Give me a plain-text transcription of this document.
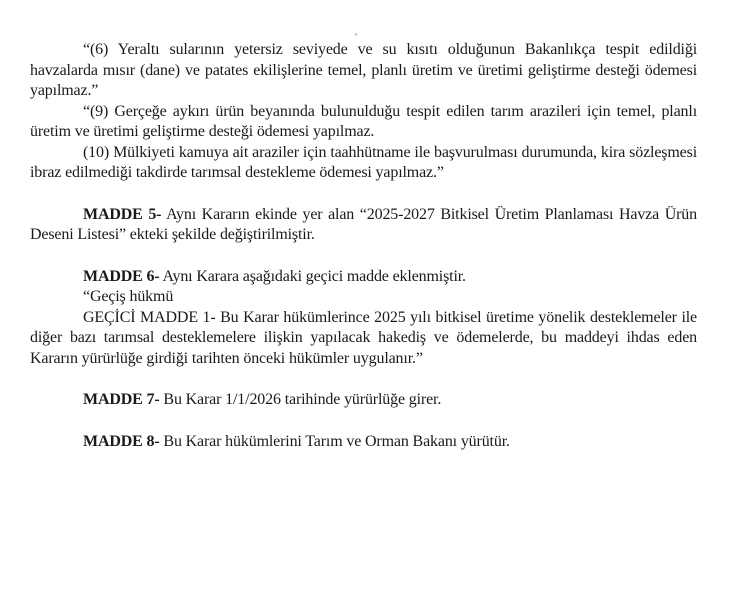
“(6) Yeraltı sularının yetersiz seviyede ve su kısıtı olduğunun Bakanlıkça tespit edildiği havzalarda mısır (dane) ve patates ekilişlerine temel, planlı üretim ve üretimi geliştirme desteği ödemesi yapılmaz.”

“(9) Gerçeğe aykırı ürün beyanında bulunulduğu tespit edilen tarım arazileri için temel, planlı üretim ve üretimi geliştirme desteği ödemesi yapılmaz.

(10) Mülkiyeti kamuya ait araziler için taahhütname ile başvurulması durumunda, kira sözleşmesi ibraz edilmediği takdirde tarımsal destekleme ödemesi yapılmaz.”

MADDE 5- Aynı Kararın ekinde yer alan “2025-2027 Bitkisel Üretim Planlaması Havza Ürün Deseni Listesi” ekteki şekilde değiştirilmiştir.

MADDE 6- Aynı Karara aşağıdaki geçici madde eklenmiştir.

“Geçiş hükmü

GEÇİCİ MADDE 1- Bu Karar hükümlerince 2025 yılı bitkisel üretime yönelik desteklemeler ile diğer bazı tarımsal desteklemelere ilişkin yapılacak hakediş ve ödemelerde, bu maddeyi ihdas eden Kararın yürürlüğe girdiği tarihten önceki hükümler uygulanır.”

MADDE 7- Bu Karar 1/1/2026 tarihinde yürürlüğe girer.

MADDE 8- Bu Karar hükümlerini Tarım ve Orman Bakanı yürütür.
